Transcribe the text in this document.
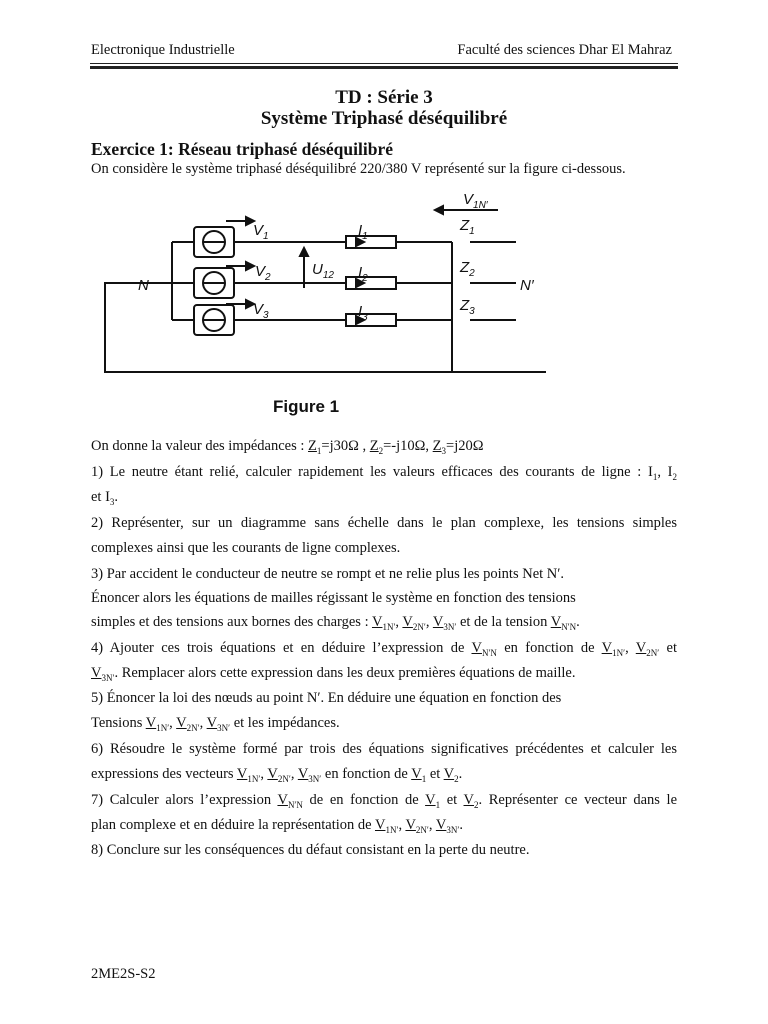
Electronique Industrielle	Faculté des sciences Dhar El Mahraz
TD : Série 3
Système Triphasé déséquilibré
Exercice 1: Réseau triphasé déséquilibré
On considère le système triphasé déséquilibré 220/380 V représenté sur la figure ci-dessous.
N	N′
$V_1$
$V_2$
$V_3$
$I_1$
$I_2$
$I_3$
$U_{12}$
$Z_1$
$Z_2$
$Z_3$
$V_{1N'}$
Figure 1
On donne la valeur des impédances : $Z_1=j30\Omega$ , $Z_2=-j10\Omega$, $Z_3=j20\Omega$
1) Le neutre étant relié, calculer rapidement les valeurs efficaces des courants de ligne : $I_1$, $I_2$
et $I_3$.
2) Représenter, sur un diagramme sans échelle dans le plan complexe, les tensions simples
complexes ainsi que les courants de ligne complexes.
3) Par accident le conducteur de neutre se rompt et ne relie plus les points Net N′.
Énoncer alors les équations de mailles régissant le système en fonction des tensions
simples et des tensions aux bornes des charges : $V_{1N'}$, $V_{2N'}$, $V_{3N'}$ et de la tension $V_{N'N}$.
4) Ajouter ces trois équations et en déduire l’expression de $V_{N'N}$ en fonction de $V_{1N'}$, $V_{2N'}$ et
$V_{3N'}$. Remplacer alors cette expression dans les deux premières équations de maille.
5) Énoncer la loi des nœuds au point N′. En déduire une équation en fonction des
Tensions $V_{1N'}$, $V_{2N'}$, $V_{3N'}$ et les impédances.
6) Résoudre le système formé par trois des équations significatives précédentes et calculer les
expressions des vecteurs $V_{1N'}$, $V_{2N'}$, $V_{3N'}$ en fonction de $V_1$ et $V_2$.
7) Calculer alors l’expression $V_{N'N}$ de en fonction de $V_1$ et $V_2$. Représenter ce vecteur dans le
plan complexe et en déduire la représentation de $V_{1N'}$, $V_{2N'}$, $V_{3N'}$.
8) Conclure sur les conséquences du défaut consistant en la perte du neutre.
2ME2S-S2
